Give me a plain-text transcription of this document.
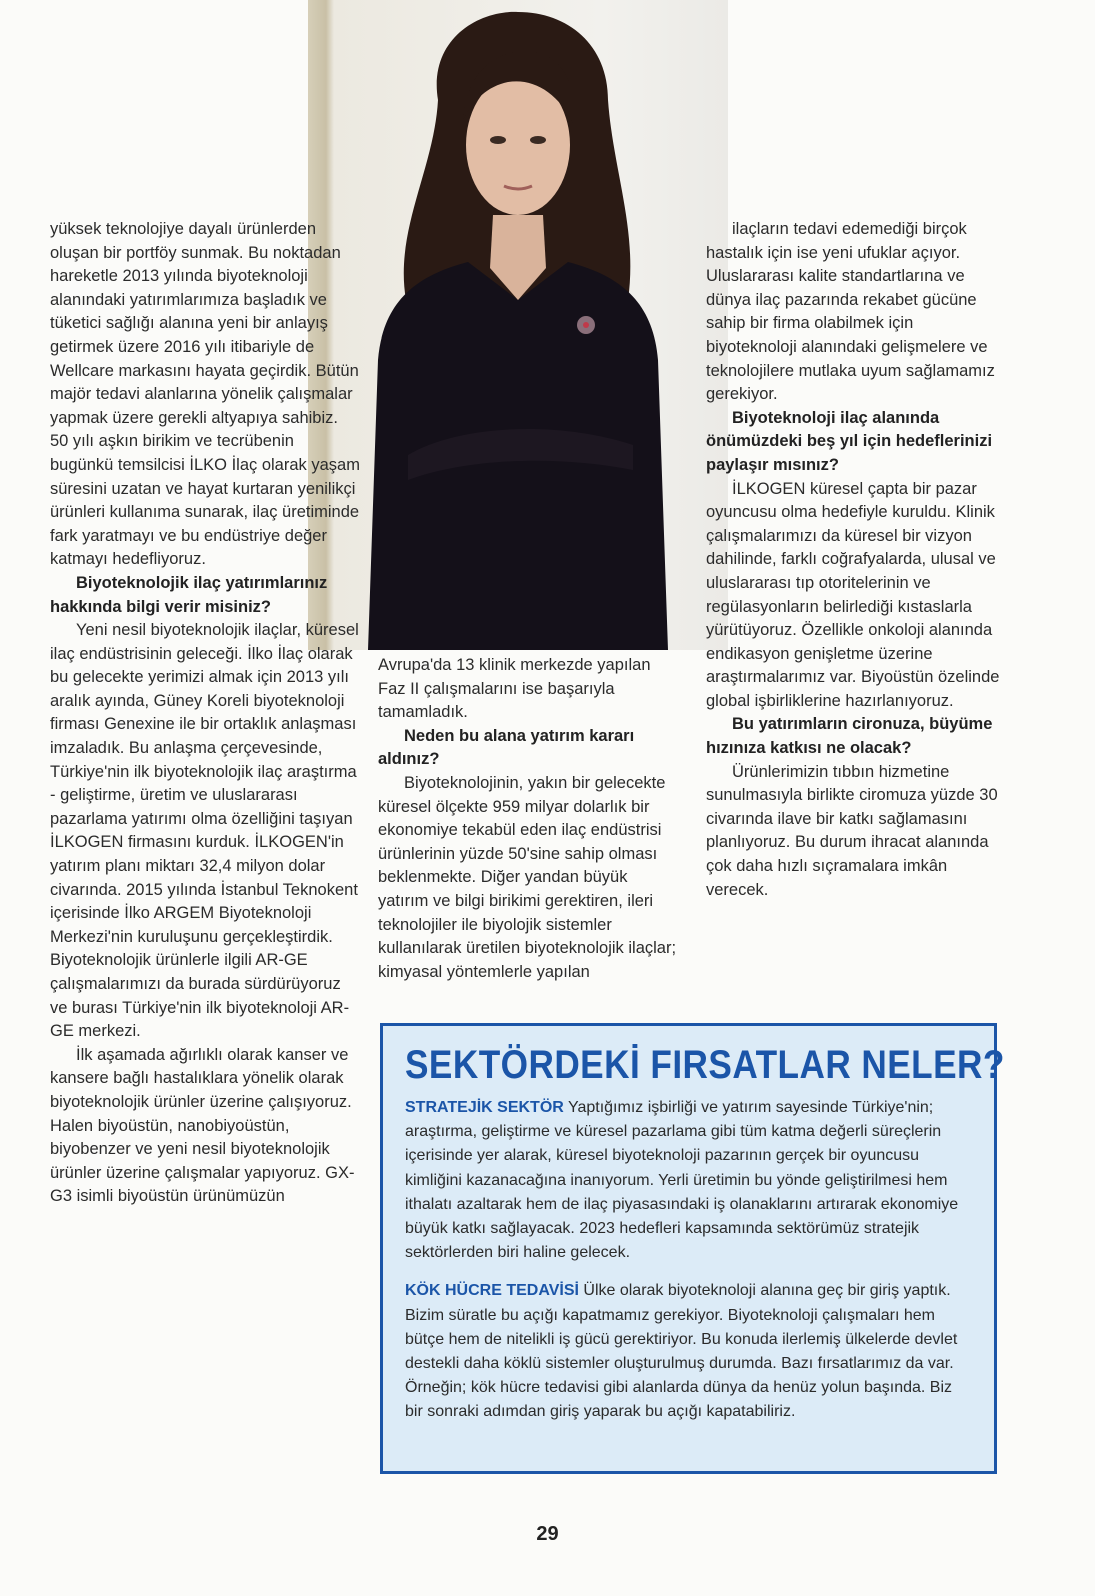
yüksek teknolojiye dayalı ürünlerden oluşan bir portföy sunmak. Bu noktadan hareketle 2013 yılında biyoteknoloji alanındaki yatırımlarımıza başladık ve tüketici sağlığı alanına yeni bir anlayış getirmek üzere 2016 yılı itibariyle de Wellcare markasını hayata geçirdik. Bütün majör tedavi alanlarına yönelik çalışmalar yapmak üzere gerekli altyapıya sahibiz. 50 yılı aşkın birikim ve tecrübenin bugünkü temsilcisi İLKO İlaç olarak yaşam süresini uzatan ve hayat kurtaran yenilikçi ürünleri kullanıma sunarak, ilaç üretiminde fark yaratmayı ve bu endüstriye değer katmayı hedefliyoruz.

Biyoteknolojik ilaç yatırımlarınız hakkında bilgi verir misiniz?

Yeni nesil biyoteknolojik ilaçlar, küresel ilaç endüstrisinin geleceği. İlko İlaç olarak bu gelecekte yerimizi almak için 2013 yılı aralık ayında, Güney Koreli biyoteknoloji firması Genexine ile bir ortaklık anlaşması imzaladık. Bu anlaşma çerçevesinde, Türkiye'nin ilk biyoteknolojik ilaç araştırma - geliştirme, üretim ve uluslararası pazarlama yatırımı olma özelliğini taşıyan İLKOGEN firmasını kurduk. İLKOGEN'in yatırım planı miktarı 32,4 milyon dolar civarında. 2015 yılında İstanbul Teknokent içerisinde İlko ARGEM Biyoteknoloji Merkezi'nin kuruluşunu gerçekleştirdik. Biyoteknolojik ürünlerle ilgili AR-GE çalışmalarımızı da burada sürdürüyoruz ve burası Türkiye'nin ilk biyoteknoloji AR-GE merkezi.

İlk aşamada ağırlıklı olarak kanser ve kansere bağlı hastalıklara yönelik olarak biyoteknolojik ürünler üzerine çalışıyoruz. Halen biyoüstün, nanobiyoüstün, biyobenzer ve yeni nesil biyoteknolojik ürünler üzerine çalışmalar yapıyoruz. GX-G3 isimli biyoüstün ürünümüzün

Avrupa'da 13 klinik merkezde yapılan Faz II çalışmalarını ise başarıyla tamamladık.

Neden bu alana yatırım kararı aldınız?

Biyoteknolojinin, yakın bir gelecekte küresel ölçekte 959 milyar dolarlık bir ekonomiye tekabül eden ilaç endüstrisi ürünlerinin yüzde 50'sine sahip olması beklenmekte. Diğer yandan büyük yatırım ve bilgi birikimi gerektiren, ileri teknolojiler ile biyolojik sistemler kullanılarak üretilen biyoteknolojik ilaçlar; kimyasal yöntemlerle yapılan

ilaçların tedavi edemediği birçok hastalık için ise yeni ufuklar açıyor. Uluslararası kalite standartlarına ve dünya ilaç pazarında rekabet gücüne sahip bir firma olabilmek için biyoteknoloji alanındaki gelişmelere ve teknolojilere mutlaka uyum sağlamamız gerekiyor.

Biyoteknoloji ilaç alanında önümüzdeki beş yıl için hedeflerinizi paylaşır mısınız?

İLKOGEN küresel çapta bir pazar oyuncusu olma hedefiyle kuruldu. Klinik çalışmalarımızı da küresel bir vizyon dahilinde, farklı coğrafyalarda, ulusal ve uluslararası tıp otoritelerinin ve regülasyonların belirlediği kıstaslarla yürütüyoruz. Özellikle onkoloji alanında endikasyon genişletme üzerine araştırmalarımız var. Biyoüstün özelinde global işbirliklerine hazırlanıyoruz.

Bu yatırımların cironuza, büyüme hızınıza katkısı ne olacak?

Ürünlerimizin tıbbın hizmetine sunulmasıyla birlikte ciromuza yüzde 30 civarında ilave bir katkı sağlamasını planlıyoruz. Bu durum ihracat alanında çok daha hızlı sıçramalara imkân verecek.

SEKTÖRDEKİ FIRSATLAR NELER?

STRATEJİK SEKTÖR Yaptığımız işbirliği ve yatırım sayesinde Türkiye'nin; araştırma, geliştirme ve küresel pazarlama gibi tüm katma değerli süreçlerin içerisinde yer alarak, küresel biyoteknoloji pazarının gerçek bir oyuncusu kimliğini kazanacağına inanıyorum. Yerli üretimin bu yönde geliştirilmesi hem ithalatı azaltarak hem de ilaç piyasasındaki iş olanaklarını artırarak ekonomiye büyük katkı sağlayacak. 2023 hedefleri kapsamında sektörümüz stratejik sektörlerden biri haline gelecek.

KÖK HÜCRE TEDAVİSİ Ülke olarak biyoteknoloji alanına geç bir giriş yaptık. Bizim süratle bu açığı kapatmamız gerekiyor. Biyoteknoloji çalışmaları hem bütçe hem de nitelikli iş gücü gerektiriyor. Bu konuda ilerlemiş ülkelerde devlet destekli daha köklü sistemler oluşturulmuş durumda. Bazı fırsatlarımız da var. Örneğin; kök hücre tedavisi gibi alanlarda dünya da henüz yolun başında. Biz bir sonraki adımdan giriş yaparak bu açığı kapatabiliriz.

29
